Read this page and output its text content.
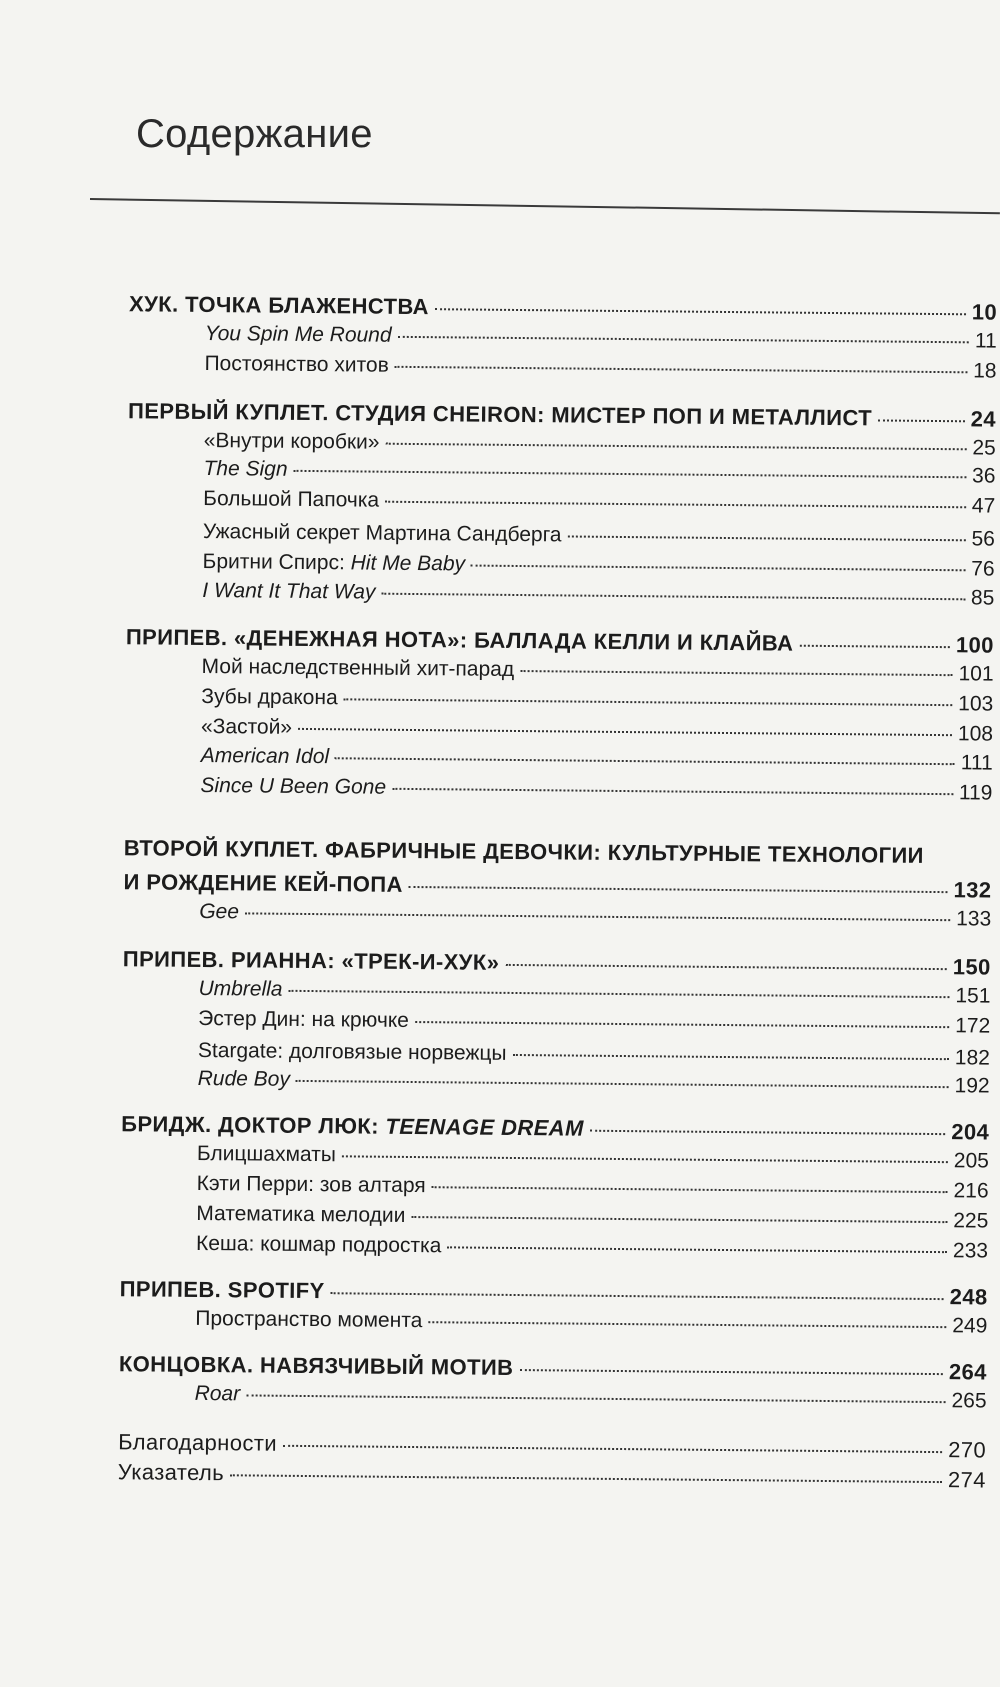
Содержание
ХУК. ТОЧКА БЛАЖЕНСТВА	10
You Spin Me Round	11
Постоянство хитов	18
ПЕРВЫЙ КУПЛЕТ. СТУДИЯ CHEIRON: МИСТЕР ПОП И МЕТАЛЛИСТ	24
«Внутри коробки»	25
The Sign	36
Большой Папочка	47
Ужасный секрет Мартина Сандберга	56
Бритни Спирс: Hit Me Baby	76
I Want It That Way	85
ПРИПЕВ. «ДЕНЕЖНАЯ НОТА»: БАЛЛАДА КЕЛЛИ И КЛАЙВА	100
Мой наследственный хит-парад	101
Зубы дракона	103
«Застой»	108
American Idol	111
Since U Been Gone	119
ВТОРОЙ КУПЛЕТ. ФАБРИЧНЫЕ ДЕВОЧКИ: КУЛЬТУРНЫЕ ТЕХНОЛОГИИ
И РОЖДЕНИЕ КЕЙ-ПОПА	132
Gee	133
ПРИПЕВ. РИАННА: «ТРЕК-И-ХУК»	150
Umbrella	151
Эстер Дин: на крючке	172
Stargate: долговязые норвежцы	182
Rude Boy	192
БРИДЖ. ДОКТОР ЛЮК: TEENAGE DREAM	204
Блицшахматы	205
Кэти Перри: зов алтаря	216
Математика мелодии	225
Кеша: кошмар подростка	233
ПРИПЕВ. SPOTIFY	248
Пространство момента	249
КОНЦОВКА. НАВЯЗЧИВЫЙ МОТИВ	264
Roar	265
Благодарности	270
Указатель	274
